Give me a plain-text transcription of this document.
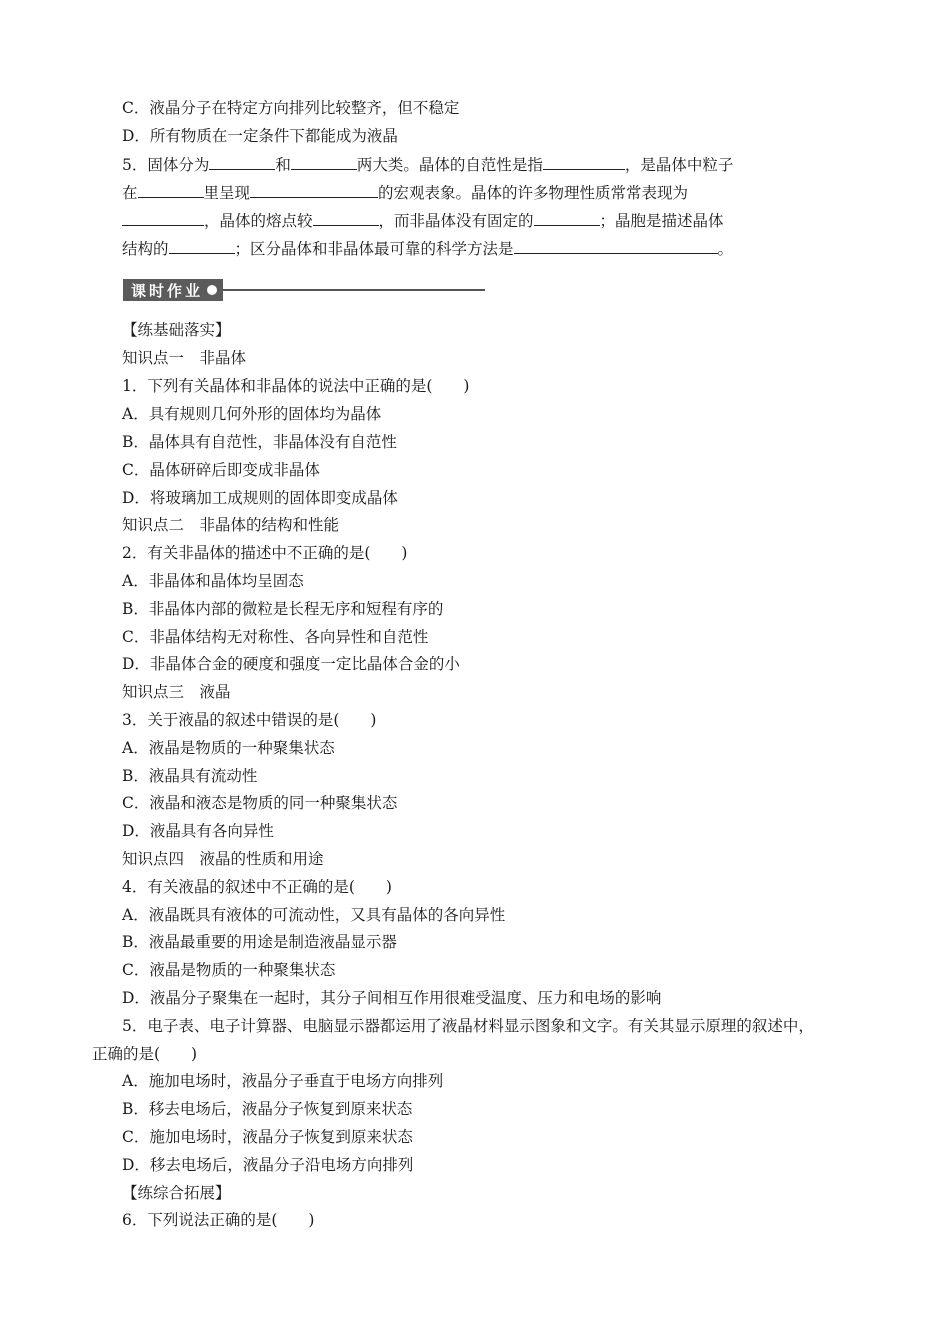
C．液晶分子在特定方向排列比较整齐，但不稳定
D．所有物质在一定条件下都能成为液晶
5．固体分为	和	两大类。晶体的自范性是指	，是晶体中粒子
在	里呈现	的宏观表象。晶体的许多物理性质常常表现为
，晶体的熔点较	，而非晶体没有固定的	；晶胞是描述晶体
结构的	；区分晶体和非晶体最可靠的科学方法是	。
课时作业
【练基础落实】
知识点一　非晶体
1．下列有关晶体和非晶体的说法中正确的是(　　)
A．具有规则几何外形的固体均为晶体
B．晶体具有自范性，非晶体没有自范性
C．晶体研碎后即变成非晶体
D．将玻璃加工成规则的固体即变成晶体
知识点二　非晶体的结构和性能
2．有关非晶体的描述中不正确的是(　　)
A．非晶体和晶体均呈固态
B．非晶体内部的微粒是长程无序和短程有序的
C．非晶体结构无对称性、各向异性和自范性
D．非晶体合金的硬度和强度一定比晶体合金的小
知识点三　液晶
3．关于液晶的叙述中错误的是(　　)
A．液晶是物质的一种聚集状态
B．液晶具有流动性
C．液晶和液态是物质的同一种聚集状态
D．液晶具有各向异性
知识点四　液晶的性质和用途
4．有关液晶的叙述中不正确的是(　　)
A．液晶既具有液体的可流动性，又具有晶体的各向异性
B．液晶最重要的用途是制造液晶显示器
C．液晶是物质的一种聚集状态
D．液晶分子聚集在一起时，其分子间相互作用很难受温度、压力和电场的影响
5．电子表、电子计算器、电脑显示器都运用了液晶材料显示图象和文字。有关其显示原理的叙述中，
正确的是(　　)
A．施加电场时，液晶分子垂直于电场方向排列
B．移去电场后，液晶分子恢复到原来状态
C．施加电场时，液晶分子恢复到原来状态
D．移去电场后，液晶分子沿电场方向排列
【练综合拓展】
6．下列说法正确的是(　　)
